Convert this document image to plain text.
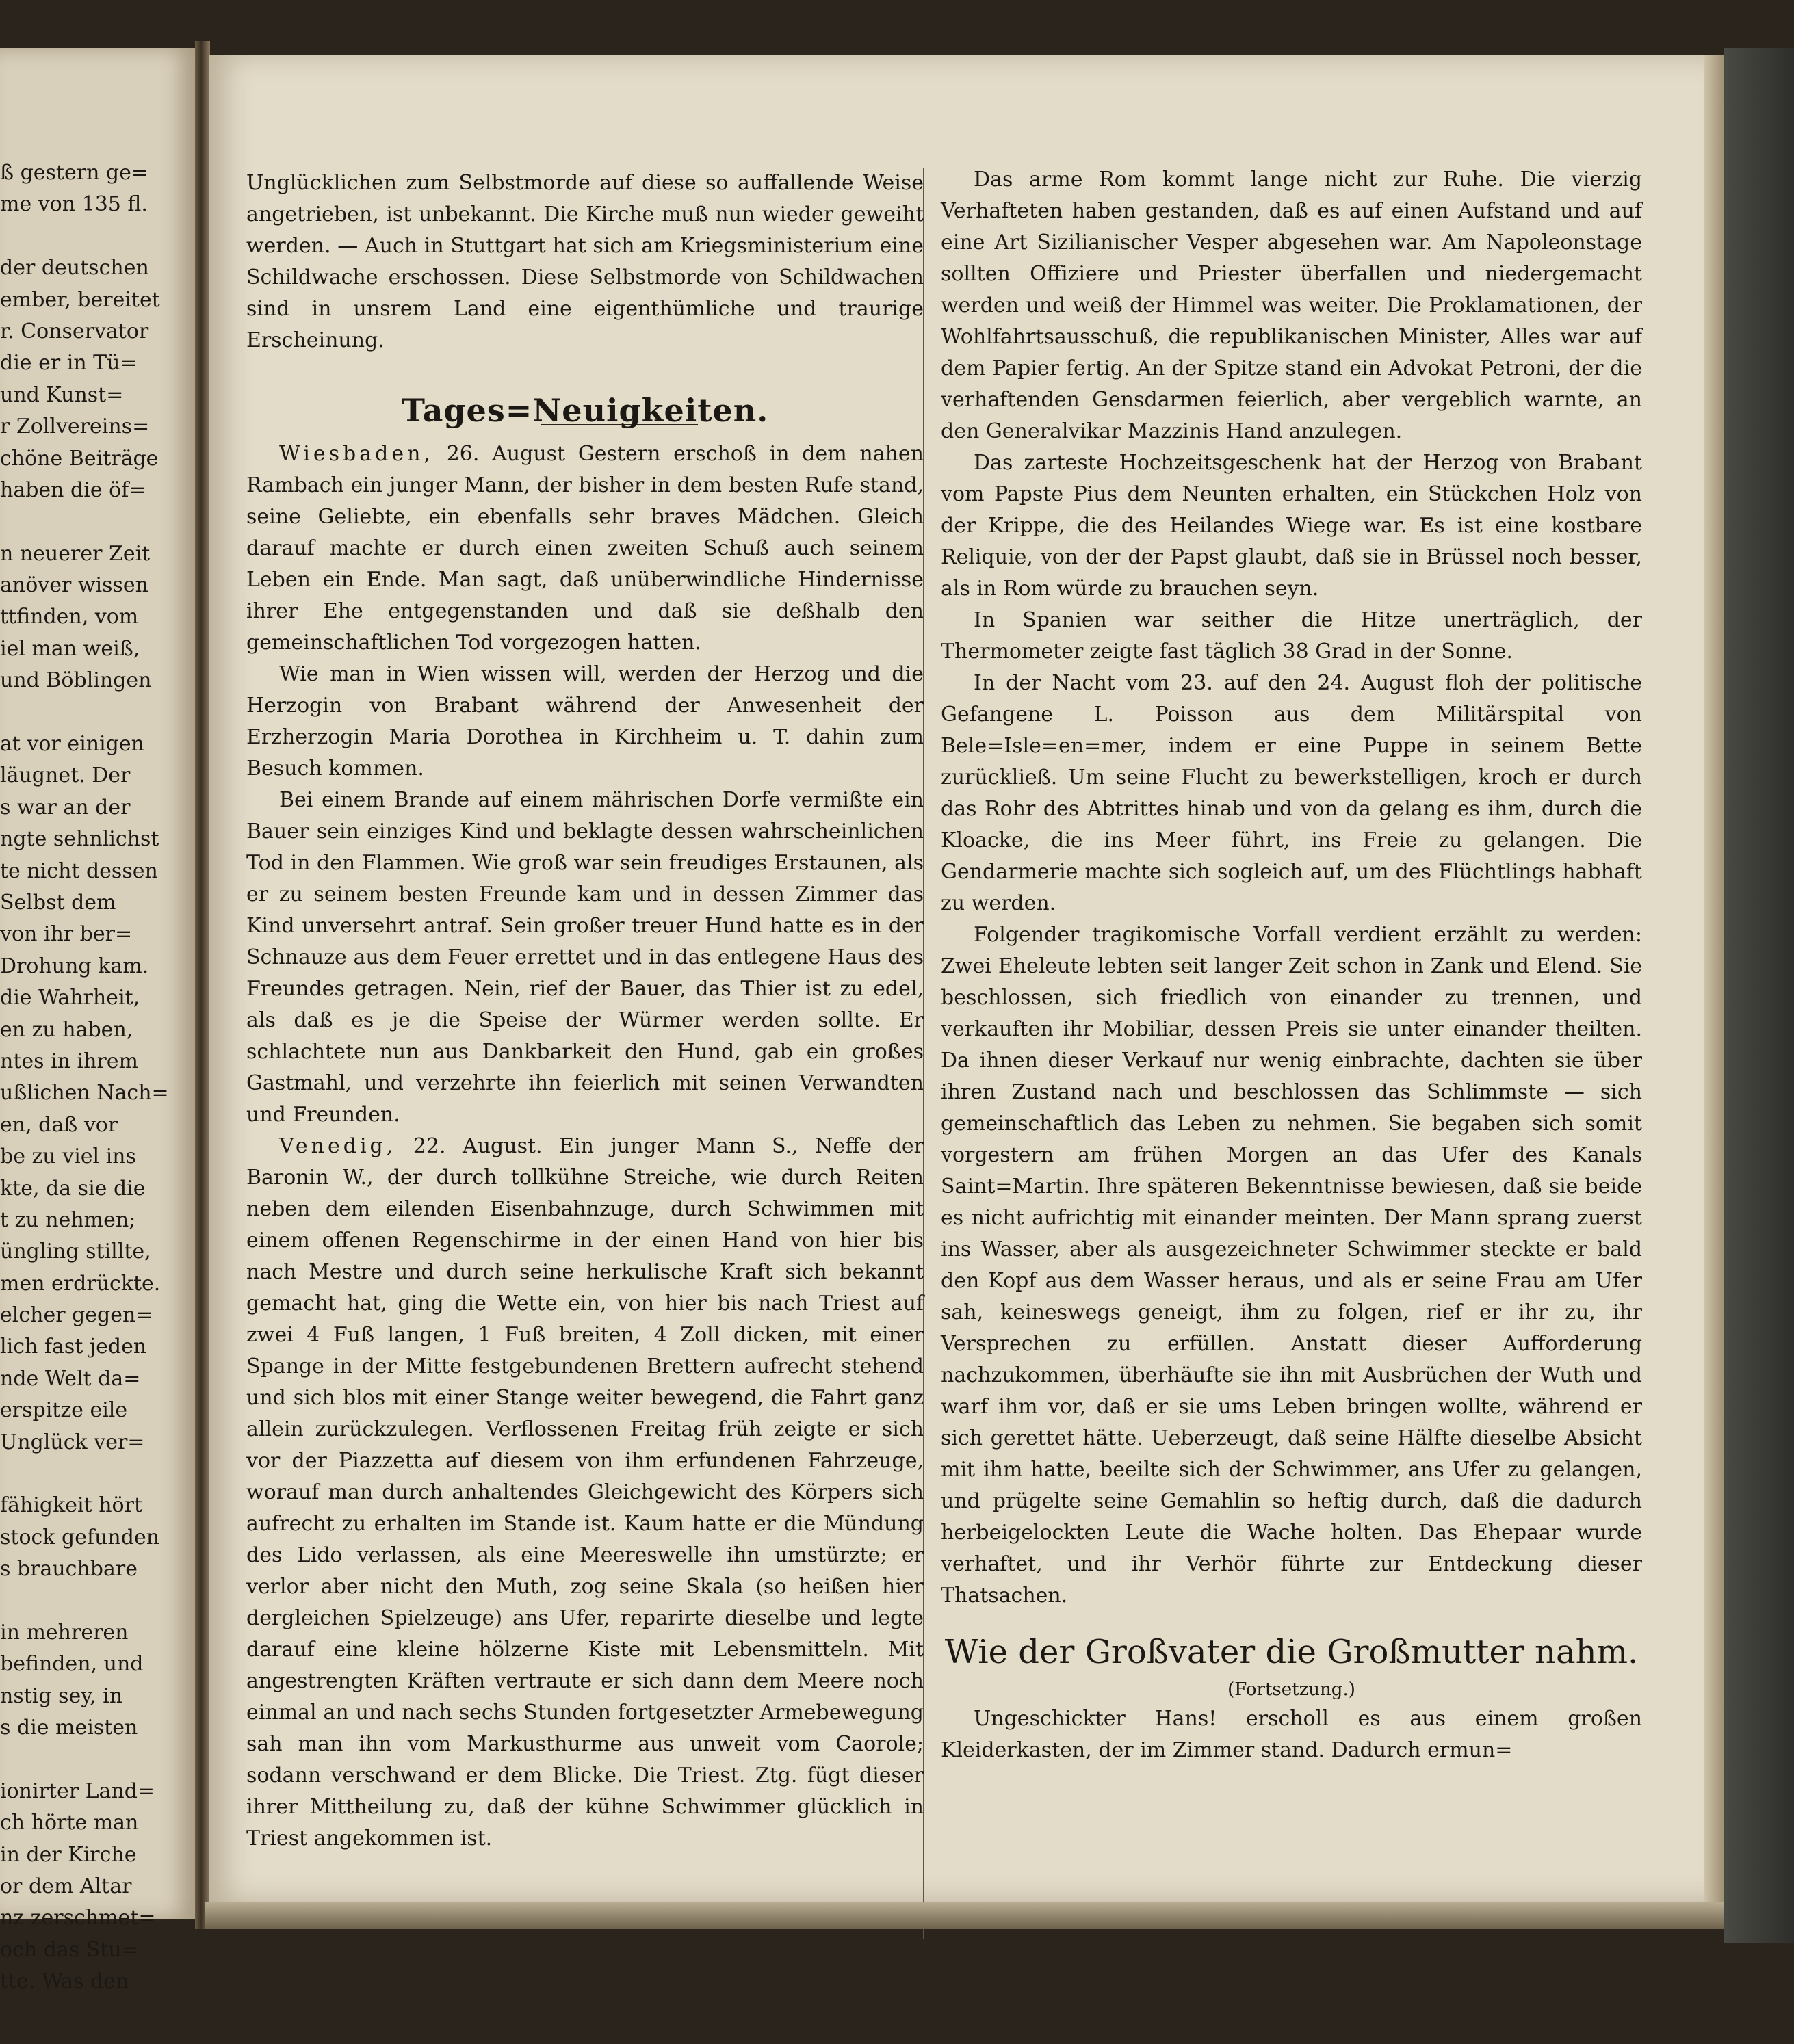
ß gestern ge=
me von 135 fl.
der deutschen
ember, bereitet
r. Conservator
die er in Tü=
und Kunst=
r Zollvereins=
chöne Beiträge
haben die öf=
n neuerer Zeit
anöver wissen
ttfinden, vom
iel man weiß,
und Böblingen
at vor einigen
läugnet. Der
s war an der
ngte sehnlichst
te nicht dessen
Selbst dem
von ihr ber=
Drohung kam.
die Wahrheit,
en zu haben,
ntes in ihrem
ußlichen Nach=
en, daß vor
be zu viel ins
kte, da sie die
t zu nehmen;
üngling stillte,
men erdrückte.
elcher gegen=
lich fast jeden
nde Welt da=
erspitze eile
Unglück ver=
fähigkeit hört
stock gefunden
s brauchbare
in mehreren
befinden, und
nstig sey, in
s die meisten
ionirter Land=
ch hörte man
in der Kirche
or dem Altar
nz zerschmet=
och das Stu=
tte. Was den

Unglücklichen zum Selbstmorde auf diese so auffallende Weise angetrieben, ist unbekannt. Die Kirche muß nun wieder geweiht werden. — Auch in Stuttgart hat sich am Kriegsministerium eine Schildwache erschossen. Diese Selbstmorde von Schildwachen sind in unsrem Land eine eigenthümliche und traurige Erscheinung.

Tages=Neuigkeiten.

Wiesbaden, 26. August Gestern erschoß in dem nahen Rambach ein junger Mann, der bisher in dem besten Rufe stand, seine Geliebte, ein ebenfalls sehr braves Mädchen. Gleich darauf machte er durch einen zweiten Schuß auch seinem Leben ein Ende. Man sagt, daß unüberwindliche Hindernisse ihrer Ehe entgegenstanden und daß sie deßhalb den gemeinschaftlichen Tod vorgezogen hatten.

Wie man in Wien wissen will, werden der Herzog und die Herzogin von Brabant während der Anwesenheit der Erzherzogin Maria Dorothea in Kirchheim u. T. dahin zum Besuch kommen.

Bei einem Brande auf einem mährischen Dorfe vermißte ein Bauer sein einziges Kind und beklagte dessen wahrscheinlichen Tod in den Flammen. Wie groß war sein freudiges Erstaunen, als er zu seinem besten Freunde kam und in dessen Zimmer das Kind unversehrt antraf. Sein großer treuer Hund hatte es in der Schnauze aus dem Feuer errettet und in das entlegene Haus des Freundes getragen. Nein, rief der Bauer, das Thier ist zu edel, als daß es je die Speise der Würmer werden sollte. Er schlachtete nun aus Dankbarkeit den Hund, gab ein großes Gastmahl, und verzehrte ihn feierlich mit seinen Verwandten und Freunden.

Venedig, 22. August. Ein junger Mann S., Neffe der Baronin W., der durch tollkühne Streiche, wie durch Reiten neben dem eilenden Eisenbahnzuge, durch Schwimmen mit einem offenen Regenschirme in der einen Hand von hier bis nach Mestre und durch seine herkulische Kraft sich bekannt gemacht hat, ging die Wette ein, von hier bis nach Triest auf zwei 4 Fuß langen, 1 Fuß breiten, 4 Zoll dicken, mit einer Spange in der Mitte festgebundenen Brettern aufrecht stehend und sich blos mit einer Stange weiter bewegend, die Fahrt ganz allein zurückzulegen. Verflossenen Freitag früh zeigte er sich vor der Piazzetta auf diesem von ihm erfundenen Fahrzeuge, worauf man durch anhaltendes Gleichgewicht des Körpers sich aufrecht zu erhalten im Stande ist. Kaum hatte er die Mündung des Lido verlassen, als eine Meereswelle ihn umstürzte; er verlor aber nicht den Muth, zog seine Skala (so heißen hier dergleichen Spielzeuge) ans Ufer, reparirte dieselbe und legte darauf eine kleine hölzerne Kiste mit Lebensmitteln. Mit angestrengten Kräften vertraute er sich dann dem Meere noch einmal an und nach sechs Stunden fortgesetzter Armebewegung sah man ihn vom Markusthurme aus unweit vom Caorole; sodann verschwand er dem Blicke. Die Triest. Ztg. fügt dieser ihrer Mittheilung zu, daß der kühne Schwimmer glücklich in Triest angekommen ist.

Das arme Rom kommt lange nicht zur Ruhe. Die vierzig Verhafteten haben gestanden, daß es auf einen Aufstand und auf eine Art Sizilianischer Vesper abgesehen war. Am Napoleonstage sollten Offiziere und Priester überfallen und niedergemacht werden und weiß der Himmel was weiter. Die Proklamationen, der Wohlfahrtsausschuß, die republikanischen Minister, Alles war auf dem Papier fertig. An der Spitze stand ein Advokat Petroni, der die verhaftenden Gensdarmen feierlich, aber vergeblich warnte, an den Generalvikar Mazzinis Hand anzulegen.

Das zarteste Hochzeitsgeschenk hat der Herzog von Brabant vom Papste Pius dem Neunten erhalten, ein Stückchen Holz von der Krippe, die des Heilandes Wiege war. Es ist eine kostbare Reliquie, von der der Papst glaubt, daß sie in Brüssel noch besser, als in Rom würde zu brauchen seyn.

In Spanien war seither die Hitze unerträglich, der Thermometer zeigte fast täglich 38 Grad in der Sonne.

In der Nacht vom 23. auf den 24. August floh der politische Gefangene L. Poisson aus dem Militärspital von Bele=Isle=en=mer, indem er eine Puppe in seinem Bette zurückließ. Um seine Flucht zu bewerkstelligen, kroch er durch das Rohr des Abtrittes hinab und von da gelang es ihm, durch die Kloacke, die ins Meer führt, ins Freie zu gelangen. Die Gendarmerie machte sich sogleich auf, um des Flüchtlings habhaft zu werden.

Folgender tragikomische Vorfall verdient erzählt zu werden: Zwei Eheleute lebten seit langer Zeit schon in Zank und Elend. Sie beschlossen, sich friedlich von einander zu trennen, und verkauften ihr Mobiliar, dessen Preis sie unter einander theilten. Da ihnen dieser Verkauf nur wenig einbrachte, dachten sie über ihren Zustand nach und beschlossen das Schlimmste — sich gemeinschaftlich das Leben zu nehmen. Sie begaben sich somit vorgestern am frühen Morgen an das Ufer des Kanals Saint=Martin. Ihre späteren Bekenntnisse bewiesen, daß sie beide es nicht aufrichtig mit einander meinten. Der Mann sprang zuerst ins Wasser, aber als ausgezeichneter Schwimmer steckte er bald den Kopf aus dem Wasser heraus, und als er seine Frau am Ufer sah, keineswegs geneigt, ihm zu folgen, rief er ihr zu, ihr Versprechen zu erfüllen. Anstatt dieser Aufforderung nachzukommen, überhäufte sie ihn mit Ausbrüchen der Wuth und warf ihm vor, daß er sie ums Leben bringen wollte, während er sich gerettet hätte. Ueberzeugt, daß seine Hälfte dieselbe Absicht mit ihm hatte, beeilte sich der Schwimmer, ans Ufer zu gelangen, und prügelte seine Gemahlin so heftig durch, daß die dadurch herbeigelockten Leute die Wache holten. Das Ehepaar wurde verhaftet, und ihr Verhör führte zur Entdeckung dieser Thatsachen.

Wie der Großvater die Großmutter nahm.
(Fortsetzung.)

Ungeschickter Hans! erscholl es aus einem großen Kleiderkasten, der im Zimmer stand. Dadurch ermun=
